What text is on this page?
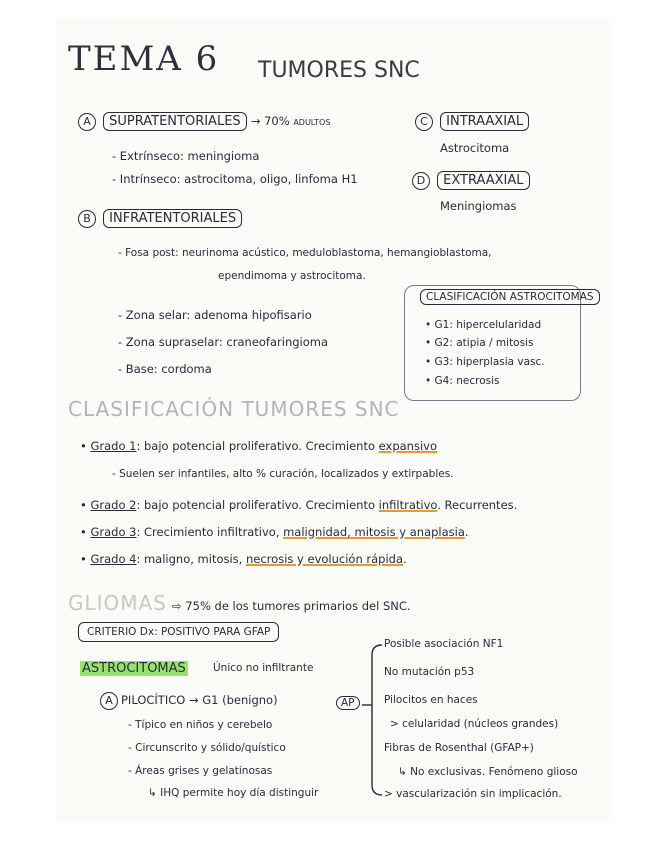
TEMA 6 TUMORES SNC
A SUPRATENTORIALES → 70% adultos
- Extrínseco: meningioma
- Intrínseco: astrocitoma, oligo, linfoma H1
C INTRAAXIAL
Astrocitoma
D EXTRAAXIAL
Meningiomas
B INFRATENTORIALES
- Fosa post: neurinoma acústico, meduloblastoma, hemangioblastoma,
ependimoma y astrocitoma.
- Zona selar: adenoma hipofisario
- Zona supraselar: craneofaringioma
- Base: cordoma
CLASIFICACIÓN ASTROCITOMAS
• G1: hipercelularidad
• G2: atipia / mitosis
• G3: hiperplasia vasc.
• G4: necrosis
CLASIFICACIÓN TUMORES SNC
• Grado 1: bajo potencial proliferativo. Crecimiento expansivo
- Suelen ser infantiles, alto % curación, localizados y extirpables.
• Grado 2: bajo potencial proliferativo. Crecimiento infiltrativo. Recurrentes.
• Grado 3: Crecimiento infiltrativo, malignidad, mitosis y anaplasia.
• Grado 4: maligno, mitosis, necrosis y evolución rápida.
GLIOMAS ⇨ 75% de los tumores primarios del SNC.
CRITERIO Dx: POSITIVO PARA GFAP
ASTROCITOMAS	Único no infiltrante
A PILOCÍTICO → G1 (benigno)
- Típico en niños y cerebelo
- Circunscrito y sólido/quístico
- Áreas grises y gelatinosas
↳ IHQ permite hoy día distinguir
AP
Posible asociación NF1
No mutación p53
Pilocitos en haces
> celularidad (núcleos grandes)
Fibras de Rosenthal (GFAP+)
↳ No exclusivas. Fenómeno glioso
> vascularización sin implicación.
